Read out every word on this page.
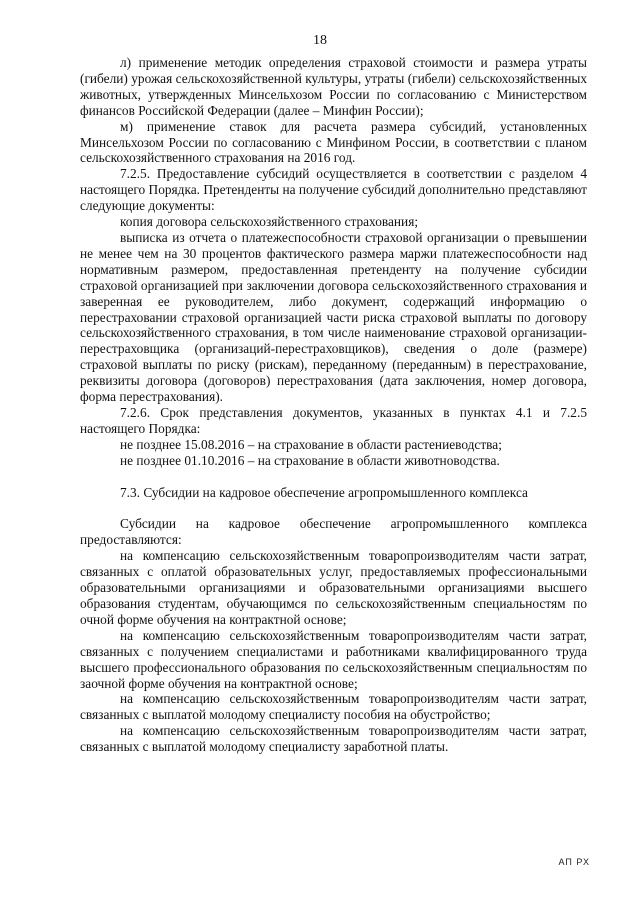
18

л) применение методик определения страховой стоимости и размера утраты (гибели) урожая сельскохозяйственной культуры, утраты (гибели) сельскохозяйственных животных, утвержденных Минсельхозом России по согласованию с Министерством финансов Российской Федерации (далее – Минфин России);

м) применение ставок для расчета размера субсидий, установленных Минсельхозом России по согласованию с Минфином России, в соответствии с планом сельскохозяйственного страхования на 2016 год.

7.2.5. Предоставление субсидий осуществляется в соответствии с разделом 4 настоящего Порядка. Претенденты на получение субсидий дополнительно представляют следующие документы:

копия договора сельскохозяйственного страхования;

выписка из отчета о платежеспособности страховой организации о превышении не менее чем на 30 процентов фактического размера маржи платежеспособности над нормативным размером, предоставленная претенденту на получение субсидии страховой организацией при заключении договора сельскохозяйственного страхования и заверенная ее руководителем, либо документ, содержащий информацию о перестраховании страховой организацией части риска страховой выплаты по договору сельскохозяйственного страхования, в том числе наименование страховой организации-перестраховщика (организаций-перестраховщиков), сведения о доле (размере) страховой выплаты по риску (рискам), переданному (переданным) в перестрахование, реквизиты договора (договоров) перестрахования (дата заключения, номер договора, форма перестрахования).

7.2.6. Срок представления документов, указанных в пунктах 4.1 и 7.2.5 настоящего Порядка:

не позднее 15.08.2016 – на страхование в области растениеводства;

не позднее 01.10.2016 – на страхование в области животноводства.

7.3. Субсидии на кадровое обеспечение агропромышленного комплекса

Субсидии на кадровое обеспечение агропромышленного комплекса предоставляются:

на компенсацию сельскохозяйственным товаропроизводителям части затрат, связанных с оплатой образовательных услуг, предоставляемых профессиональными образовательными организациями и образовательными организациями высшего образования студентам, обучающимся по сельскохозяйственным специальностям по очной форме обучения на контрактной основе;

на компенсацию сельскохозяйственным товаропроизводителям части затрат, связанных с получением специалистами и работниками квалифицированного труда высшего профессионального образования по сельскохозяйственным специальностям по заочной форме обучения на контрактной основе;

на компенсацию сельскохозяйственным товаропроизводителям части затрат, связанных с выплатой молодому специалисту пособия на обустройство;

на компенсацию сельскохозяйственным товаропроизводителям части затрат, связанных с выплатой молодому специалисту заработной платы.

АП РХ
